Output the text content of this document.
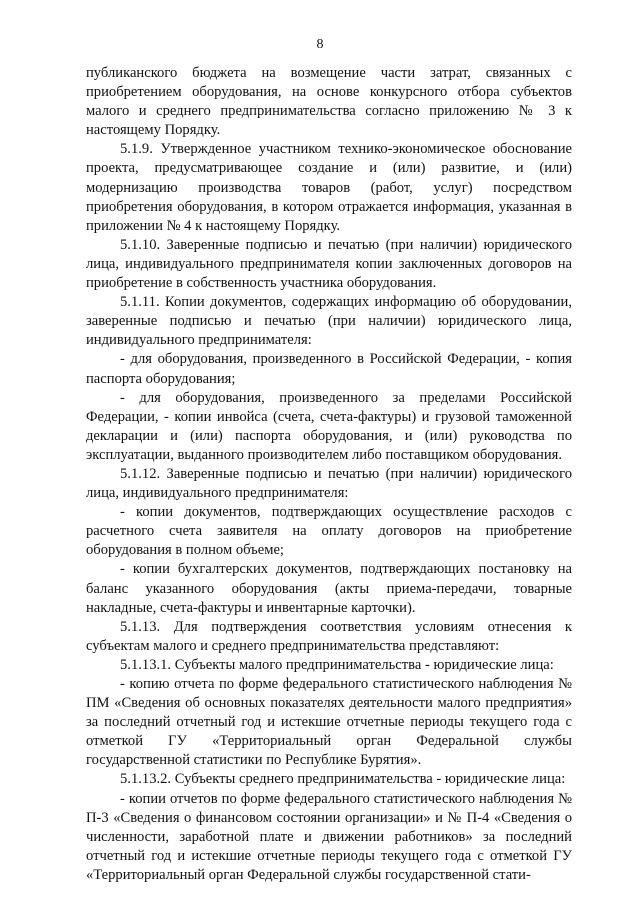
8

публиканского бюджета на возмещение части затрат, связанных с приобретением оборудования, на основе конкурсного отбора субъектов малого и среднего предпринимательства согласно приложению № 3 к настоящему Порядку.

5.1.9. Утвержденное участником технико-экономическое обоснование проекта, предусматривающее создание и (или) развитие, и (или) модернизацию производства товаров (работ, услуг) посредством приобретения оборудования, в котором отражается информация, указанная в приложении № 4 к настоящему Порядку.

5.1.10. Заверенные подписью и печатью (при наличии) юридического лица, индивидуального предпринимателя копии заключенных договоров на приобретение в собственность участника оборудования.

5.1.11. Копии документов, содержащих информацию об оборудовании, заверенные подписью и печатью (при наличии) юридического лица, индивидуального предпринимателя:

- для оборудования, произведенного в Российской Федерации, - копия паспорта оборудования;

- для оборудования, произведенного за пределами Российской Федерации, - копии инвойса (счета, счета-фактуры) и грузовой таможенной декларации и (или) паспорта оборудования, и (или) руководства по эксплуатации, выданного производителем либо поставщиком оборудования.

5.1.12. Заверенные подписью и печатью (при наличии) юридического лица, индивидуального предпринимателя:

- копии документов, подтверждающих осуществление расходов с расчетного счета заявителя на оплату договоров на приобретение оборудования в полном объеме;

- копии бухгалтерских документов, подтверждающих постановку на баланс указанного оборудования (акты приема-передачи, товарные накладные, счета-фактуры и инвентарные карточки).

5.1.13. Для подтверждения соответствия условиям отнесения к субъектам малого и среднего предпринимательства представляют:

5.1.13.1. Субъекты малого предпринимательства - юридические лица:

- копию отчета по форме федерального статистического наблюдения № ПМ «Сведения об основных показателях деятельности малого предприятия» за последний отчетный год и истекшие отчетные периоды текущего года с отметкой ГУ «Территориальный орган Федеральной службы государственной статистики по Республике Бурятия».

5.1.13.2. Субъекты среднего предпринимательства - юридические лица:

- копии отчетов по форме федерального статистического наблюдения № П-3 «Сведения о финансовом состоянии организации» и № П-4 «Сведения о численности, заработной плате и движении работников» за последний отчетный год и истекшие отчетные периоды текущего года с отметкой ГУ «Территориальный орган Федеральной службы государственной стати-
